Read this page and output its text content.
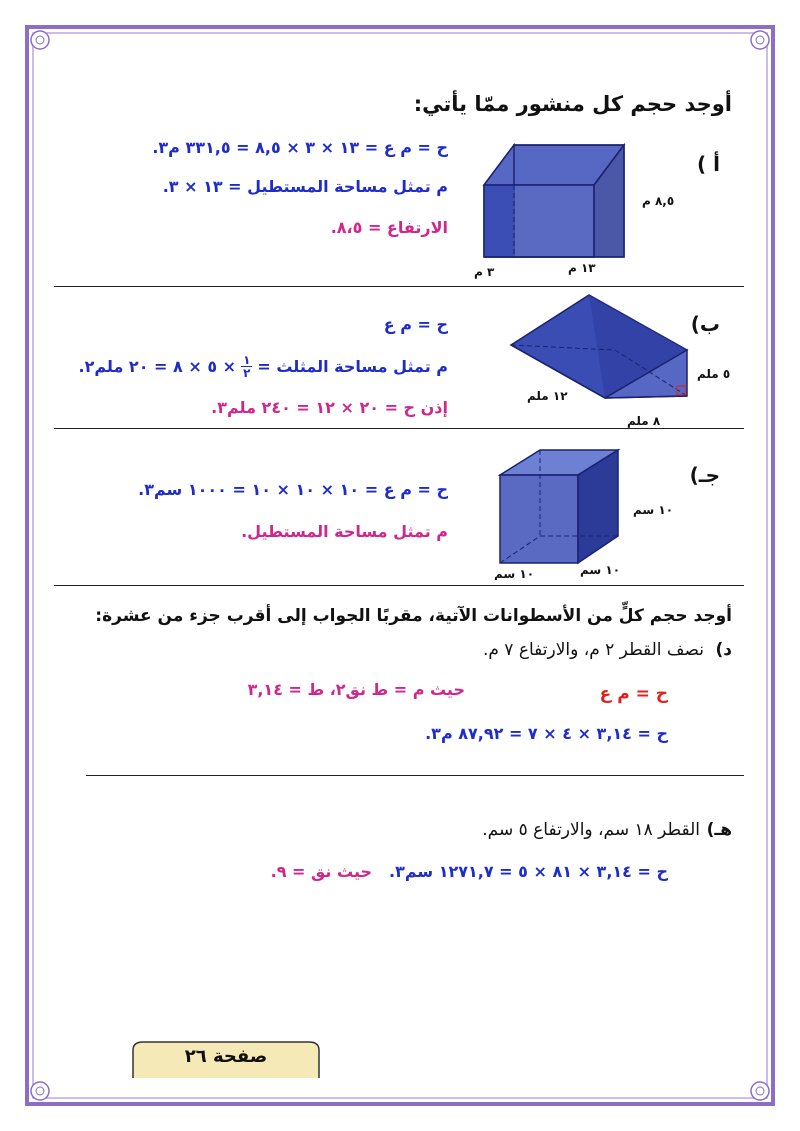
أوجد حجم كل منشور ممّا يأتي:
أ )
ح = م ع = ١٣ × ٣ × ٨,٥ = ٣٣١,٥ م٣.
م تمثل مساحة المستطيل = ١٣ × ٣.
الارتفاع = ٨،٥.
٨,٥ م
١٣ م
٣ م
ب)
ح = م ع
م تمثل مساحة المثلث =
١
٢
× ٥ × ٨ = ٢٠ ملم٢.
إذن ح = ٢٠ × ١٢ = ٢٤٠ ملم٣.
٥ ملم
١٢ ملم
٨ ملم
جـ)
ح = م ع = ١٠ × ١٠ × ١٠ = ١٠٠٠ سم٣.
م تمثل مساحة المستطيل.
١٠ سم
١٠ سم
١٠ سم
أوجد حجم كلٍّ من الأسطوانات الآتية، مقربًا الجواب إلى أقرب جزء من عشرة:
د)
نصف القطر ٢ م، والارتفاع ٧ م.
ح = م ع
حيث م = ط نق٢، ط = ٣,١٤
ح = ٣,١٤ × ٤ × ٧ = ٨٧,٩٢ م٣.
هـ)
القطر ١٨ سم، والارتفاع ٥ سم.
ح = ٣,١٤ × ٨١ × ٥ = ١٢٧١,٧ سم٣.
حيث نق = ٩.
صفحة ٢٦
